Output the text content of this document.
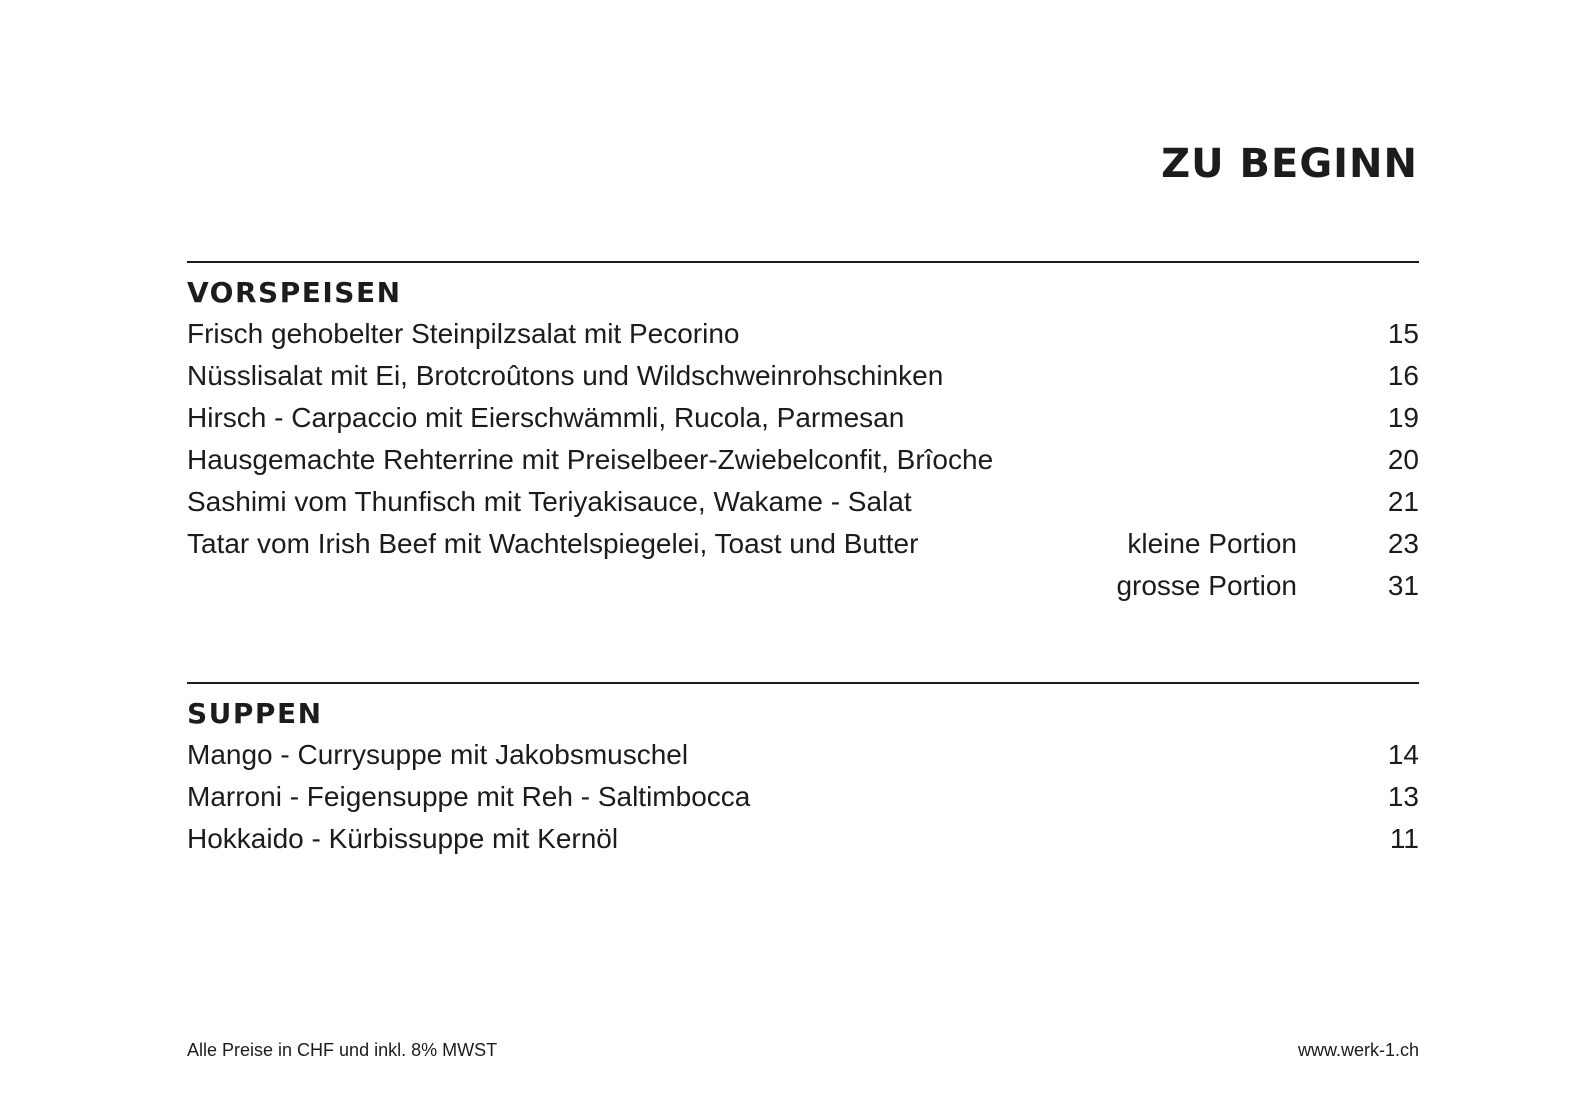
ZU BEGINN
VORSPEISEN
Frisch gehobelter Steinpilzsalat mit Pecorino	15
Nüsslisalat mit Ei, Brotcroûtons und Wildschweinrohschinken	16
Hirsch - Carpaccio mit Eierschwämmli, Rucola, Parmesan	19
Hausgemachte Rehterrine mit Preiselbeer-Zwiebelconfit, Brîoche	20
Sashimi vom Thunfisch mit Teriyakisauce, Wakame - Salat	21
Tatar vom Irish Beef mit Wachtelspiegelei, Toast und Butter	kleine Portion	23
grosse Portion	31
SUPPEN
Mango - Currysuppe mit Jakobsmuschel	14
Marroni - Feigensuppe mit Reh - Saltimbocca	13
Hokkaido - Kürbissuppe mit Kernöl	11
Alle Preise in CHF und inkl. 8% MWST	www.werk-1.ch
